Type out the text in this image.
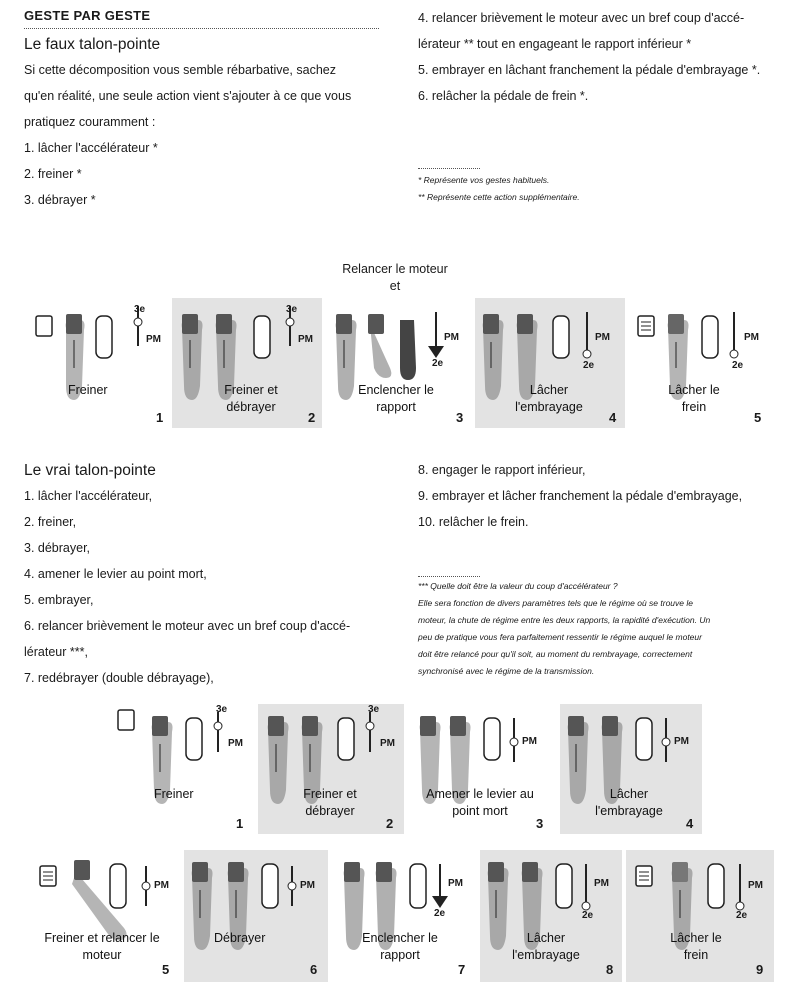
GESTE PAR GESTE
Le faux talon-pointe

Si cette décomposition vous semble rébarbative, sachez

qu'en réalité, une seule action vient s'ajouter à ce que vous

pratiquez couramment :

1. lâcher l'accélérateur *

2. freiner *

3. débrayer *

4. relancer brièvement le moteur avec un bref coup d'accé-

lérateur ** tout en engageant le rapport inférieur *

5. embrayer en lâchant franchement la pédale d'embrayage *.

6. relâcher la pédale de frein *.

* Représente vos gestes habituels.

** Représente cette action supplémentaire.

Relancer le moteur et
3e
PM
Freiner
1
3e
PM
Freiner et débrayer
2
PM
2e
Enclencher le rapport
3
PM
2e
Lâcher l'embrayage
4
PM
2e
Lâcher le frein
5
Le vrai talon-pointe

1. lâcher l'accélérateur,

2. freiner,

3. débrayer,

4. amener le levier au point mort,

5. embrayer,

6. relancer brièvement le moteur avec un bref coup d'accé-

lérateur ***,

7. redébrayer (double débrayage),

8. engager le rapport inférieur,

9. embrayer et lâcher franchement la pédale d'embrayage,

10. relâcher le frein.

*** Quelle doit être la valeur du coup d'accélérateur ?

Elle sera fonction de divers paramètres tels que le régime où se trouve le

moteur, la chute de régime entre les deux rapports, la rapidité d'exécution. Un

peu de pratique vous fera parfaitement ressentir le régime auquel le moteur

doit être relancé pour qu'il soit, au moment du rembrayage, correctement

synchronisé avec le régime de la transmission.

3e
PM
Freiner
1
3e
PM
Freiner et débrayer
2
PM
Amener le levier au point mort
3
PM
Lâcher l'embrayage
4
PM
Freiner et relancer le moteur
5
PM
Débrayer
6
PM
2e
Enclencher le rapport
7
PM
2e
Lâcher l'embrayage
8
PM
2e
Lâcher le frein
9
